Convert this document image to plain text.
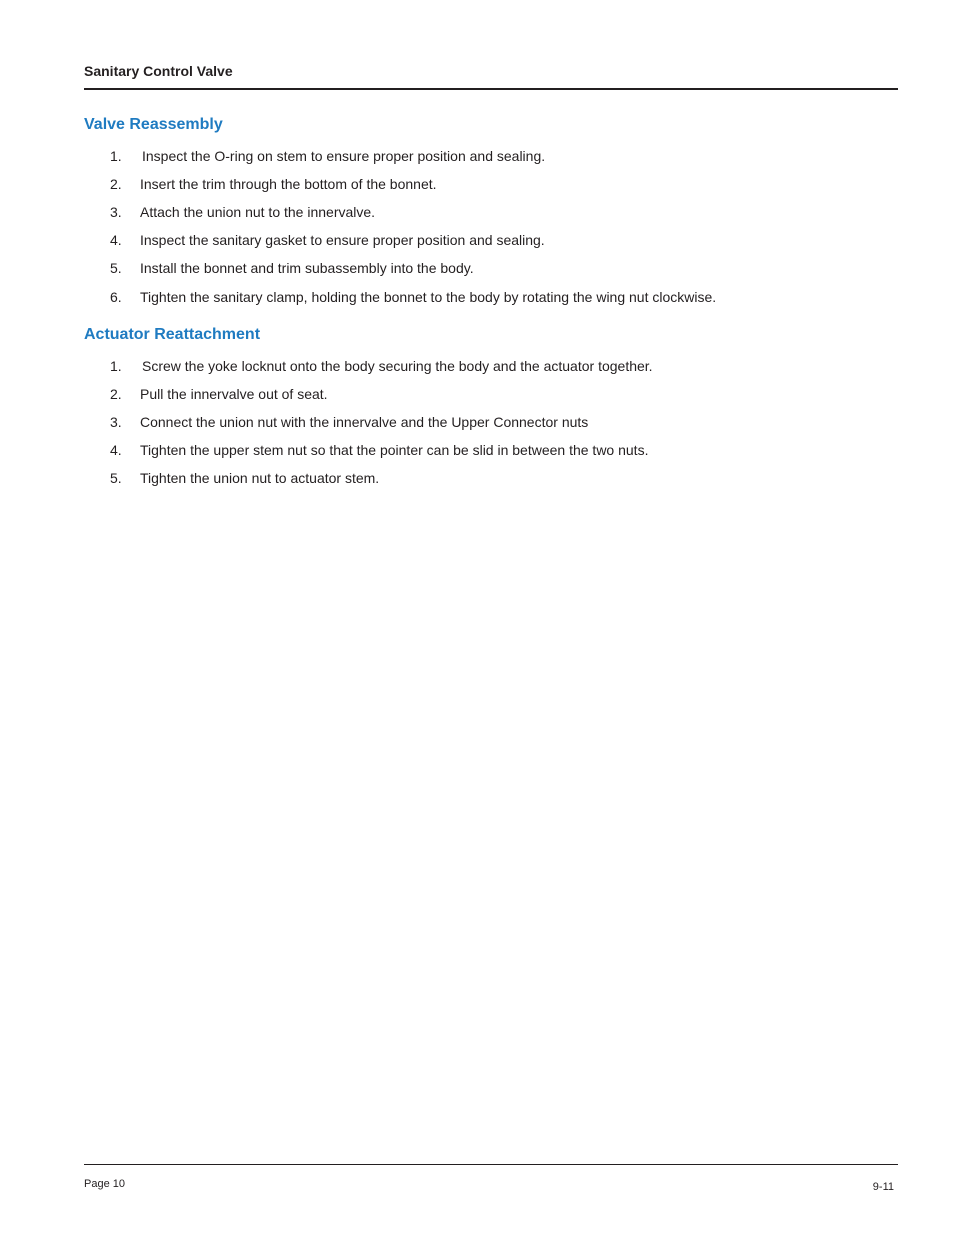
Sanitary Control Valve
Valve Reassembly
1. Inspect the O-ring on stem to ensure proper position and sealing.
2. Insert the trim through the bottom of the bonnet.
3. Attach the union nut to the innervalve.
4. Inspect the sanitary gasket to ensure proper position and sealing.
5. Install the bonnet and trim subassembly into the body.
6. Tighten the sanitary clamp, holding the bonnet to the body by rotating the wing nut clockwise.
Actuator Reattachment
1. Screw the yoke locknut onto the body securing the body and the actuator together.
2. Pull the innervalve out of seat.
3. Connect the union nut with the innervalve and the Upper Connector nuts
4. Tighten the upper stem nut so that the pointer can be slid in between the two nuts.
5. Tighten the union nut to actuator stem.
Page 10	9-11
